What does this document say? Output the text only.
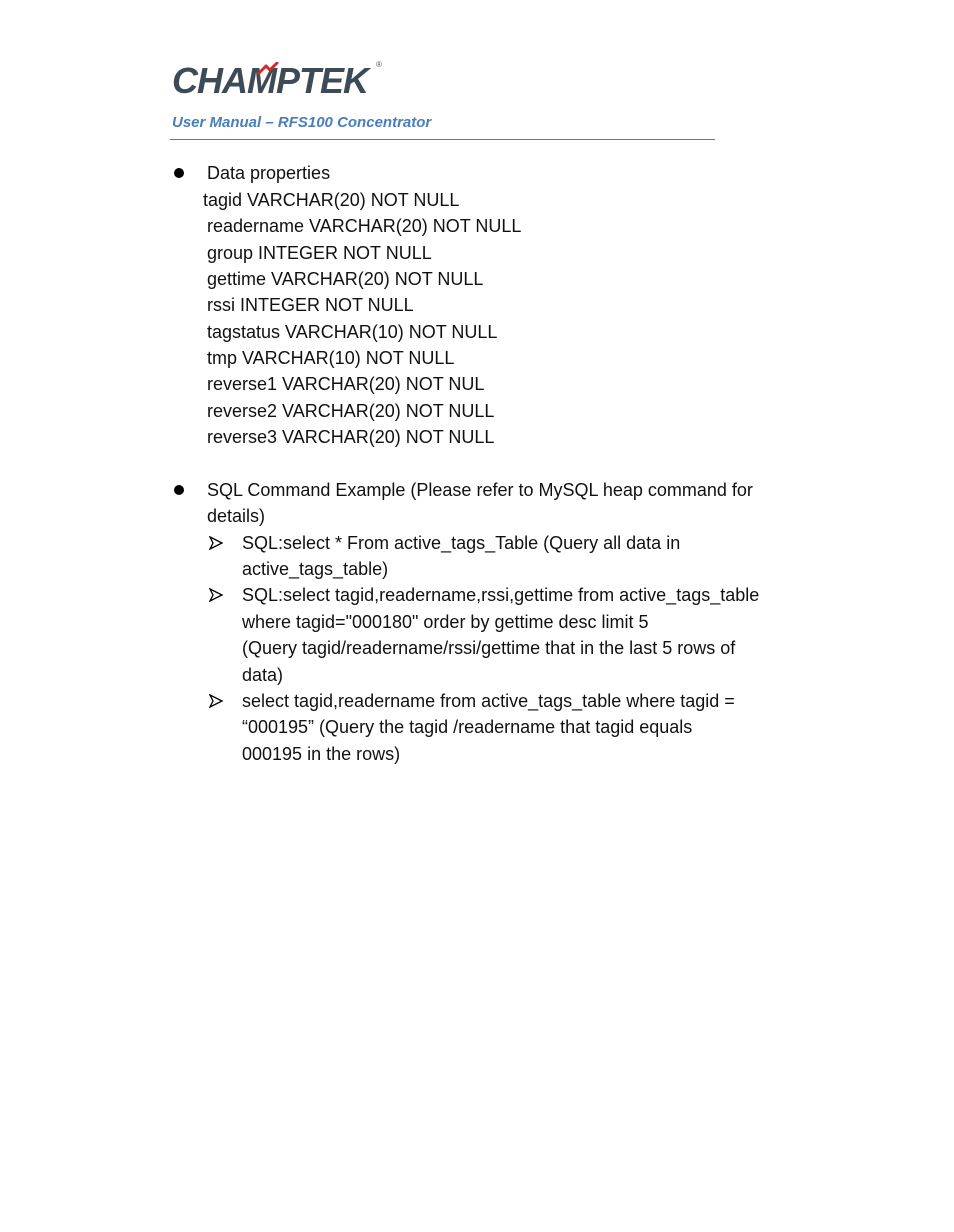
CHAMPTEK	®
User Manual – RFS100 Concentrator
Data properties
tagid VARCHAR(20) NOT NULL
readername VARCHAR(20) NOT NULL
group INTEGER NOT NULL
gettime VARCHAR(20) NOT NULL
rssi INTEGER NOT NULL
tagstatus VARCHAR(10) NOT NULL
tmp VARCHAR(10) NOT NULL
reverse1 VARCHAR(20) NOT NUL
reverse2 VARCHAR(20) NOT NULL
reverse3 VARCHAR(20) NOT NULL
SQL Command Example (Please refer to MySQL heap command for
details)
SQL:select * From active_tags_Table (Query all data in
active_tags_table)
SQL:select tagid,readername,rssi,gettime from active_tags_table
where tagid="000180" order by gettime desc limit 5
(Query tagid/readername/rssi/gettime that in the last 5 rows of
data)
select tagid,readername from active_tags_table where tagid =
“000195” (Query the tagid /readername that tagid equals
000195 in the rows)
